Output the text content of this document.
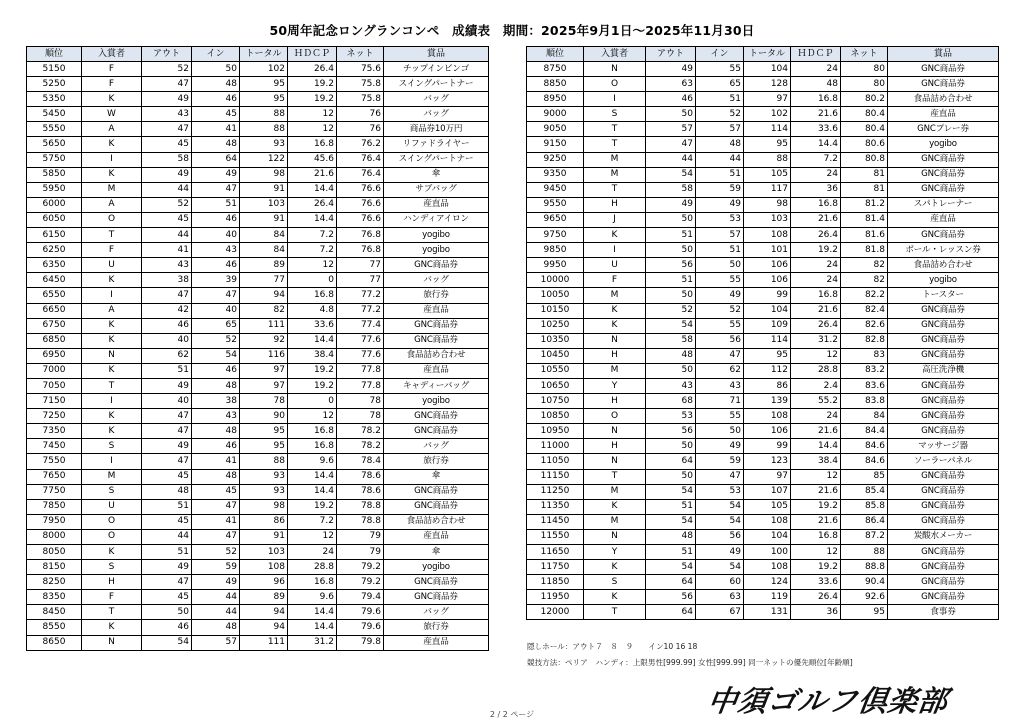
50周年記念ロングランコンペ　成績表　期間：2025年9月1日～2025年11月30日
順位	入賞者	アウト	イン	トータル	ＨＤＣＰ	ネット	賞品
5150	F	52	50	102	26.4	75.6	チップインビンゴ
5250	F	47	48	95	19.2	75.8	スイングパートナー
5350	K	49	46	95	19.2	75.8	バッグ
5450	W	43	45	88	12	76	バッグ
5550	A	47	41	88	12	76	商品券10万円
5650	K	45	48	93	16.8	76.2	リファドライヤー
5750	I	58	64	122	45.6	76.4	スイングパートナー
5850	K	49	49	98	21.6	76.4	傘
5950	M	44	47	91	14.4	76.6	サブバッグ
6000	A	52	51	103	26.4	76.6	産直品
6050	O	45	46	91	14.4	76.6	ハンディアイロン
6150	T	44	40	84	7.2	76.8	yogibo
6250	F	41	43	84	7.2	76.8	yogibo
6350	U	43	46	89	12	77	GNC商品券
6450	K	38	39	77	0	77	バッグ
6550	I	47	47	94	16.8	77.2	旅行券
6650	A	42	40	82	4.8	77.2	産直品
6750	K	46	65	111	33.6	77.4	GNC商品券
6850	K	40	52	92	14.4	77.6	GNC商品券
6950	N	62	54	116	38.4	77.6	食品詰め合わせ
7000	K	51	46	97	19.2	77.8	産直品
7050	T	49	48	97	19.2	77.8	キャディーバッグ
7150	I	40	38	78	0	78	yogibo
7250	K	47	43	90	12	78	GNC商品券
7350	K	47	48	95	16.8	78.2	GNC商品券
7450	S	49	46	95	16.8	78.2	バッグ
7550	I	47	41	88	9.6	78.4	旅行券
7650	M	45	48	93	14.4	78.6	傘
7750	S	48	45	93	14.4	78.6	GNC商品券
7850	U	51	47	98	19.2	78.8	GNC商品券
7950	O	45	41	86	7.2	78.8	食品詰め合わせ
8000	O	44	47	91	12	79	産直品
8050	K	51	52	103	24	79	傘
8150	S	49	59	108	28.8	79.2	yogibo
8250	H	47	49	96	16.8	79.2	GNC商品券
8350	F	45	44	89	9.6	79.4	GNC商品券
8450	T	50	44	94	14.4	79.6	バッグ
8550	K	46	48	94	14.4	79.6	旅行券
8650	N	54	57	111	31.2	79.8	産直品
順位	入賞者	アウト	イン	トータル	ＨＤＣＰ	ネット	賞品
8750	N	49	55	104	24	80	GNC商品券
8850	O	63	65	128	48	80	GNC商品券
8950	I	46	51	97	16.8	80.2	食品詰め合わせ
9000	S	50	52	102	21.6	80.4	産直品
9050	T	57	57	114	33.6	80.4	GNCプレー券
9150	T	47	48	95	14.4	80.6	yogibo
9250	M	44	44	88	7.2	80.8	GNC商品券
9350	M	54	51	105	24	81	GNC商品券
9450	T	58	59	117	36	81	GNC商品券
9550	H	49	49	98	16.8	81.2	スパトレーナー
9650	J	50	53	103	21.6	81.4	産直品
9750	K	51	57	108	26.4	81.6	GNC商品券
9850	I	50	51	101	19.2	81.8	ボール・レッスン券
9950	U	56	50	106	24	82	食品詰め合わせ
10000	F	51	55	106	24	82	yogibo
10050	M	50	49	99	16.8	82.2	トースター
10150	K	52	52	104	21.6	82.4	GNC商品券
10250	K	54	55	109	26.4	82.6	GNC商品券
10350	N	58	56	114	31.2	82.8	GNC商品券
10450	H	48	47	95	12	83	GNC商品券
10550	M	50	62	112	28.8	83.2	高圧洗浄機
10650	Y	43	43	86	2.4	83.6	GNC商品券
10750	H	68	71	139	55.2	83.8	GNC商品券
10850	O	53	55	108	24	84	GNC商品券
10950	N	56	50	106	21.6	84.4	GNC商品券
11000	H	50	49	99	14.4	84.6	マッサージ器
11050	N	64	59	123	38.4	84.6	ソーラーパネル
11150	T	50	47	97	12	85	GNC商品券
11250	M	54	53	107	21.6	85.4	GNC商品券
11350	K	51	54	105	19.2	85.8	GNC商品券
11450	M	54	54	108	21.6	86.4	GNC商品券
11550	N	48	56	104	16.8	87.2	炭酸水メーカー
11650	Y	51	49	100	12	88	GNC商品券
11750	K	54	54	108	19.2	88.8	GNC商品券
11850	S	64	60	124	33.6	90.4	GNC商品券
11950	K	56	63	119	26.4	92.6	GNC商品券
12000	T	64	67	131	36	95	食事券
隠しホール：アウト７　８　９　　イン10 16 18
競技方法：ペリア　ハンディ：上限男性[999.99] 女性[999.99] 同一ネットの優先順位[年齢順]
2 / 2 ページ	中須ゴルフ倶楽部
